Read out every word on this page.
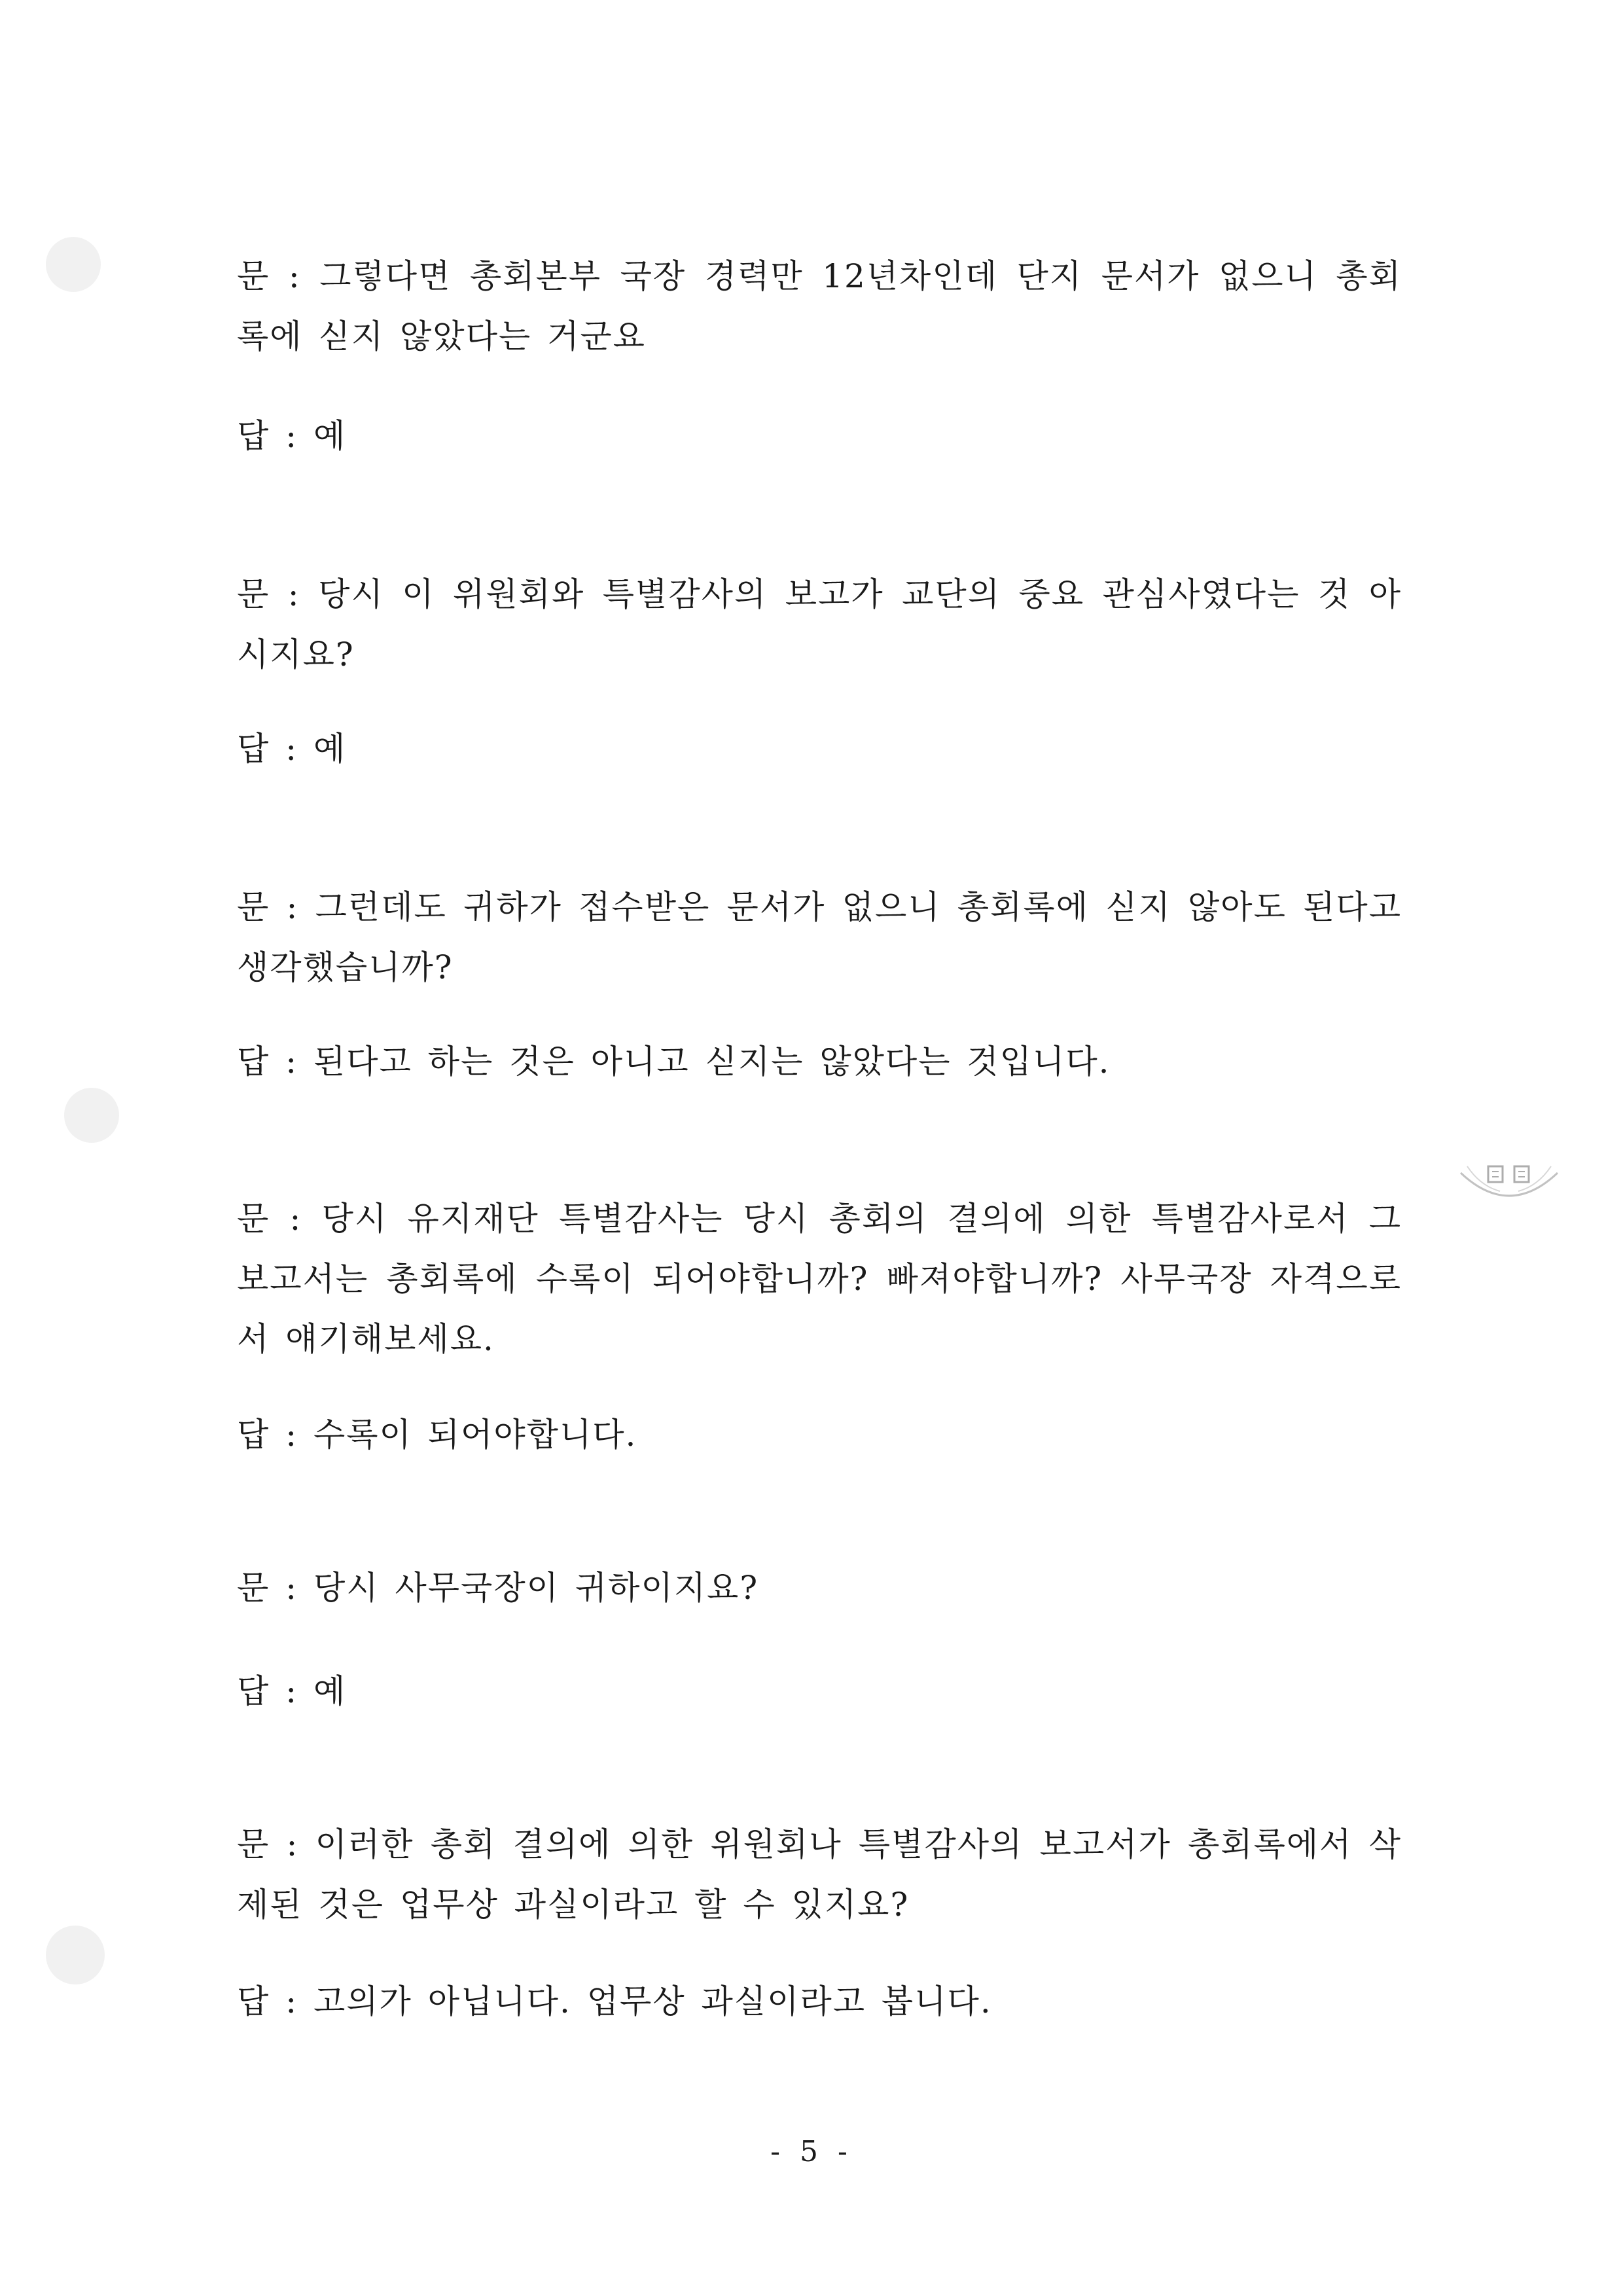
문 : 그렇다면 총회본부 국장 경력만 12년차인데 단지 문서가 없으니 총회록에 싣지 않았다는 거군요

답 : 예

문 : 당시 이 위원회와 특별감사의 보고가 교단의 중요 관심사였다는 것 아시지요?

답 : 예

문 : 그런데도 귀하가 접수받은 문서가 없으니 총회록에 싣지 않아도 된다고 생각했습니까?

답 : 된다고 하는 것은 아니고 싣지는 않았다는 것입니다.

문 : 당시 유지재단 특별감사는 당시 총회의 결의에 의한 특별감사로서 그 보고서는 총회록에 수록이 되어야합니까? 빠져야합니까? 사무국장 자격으로서 얘기해보세요.

답 : 수록이 되어야합니다.

문 : 당시 사무국장이 귀하이지요?

답 : 예

문 : 이러한 총회 결의에 의한 위원회나 특별감사의 보고서가 총회록에서 삭제된 것은 업무상 과실이라고 할 수 있지요?

답 : 고의가 아닙니다. 업무상 과실이라고 봅니다.

- 5 -
